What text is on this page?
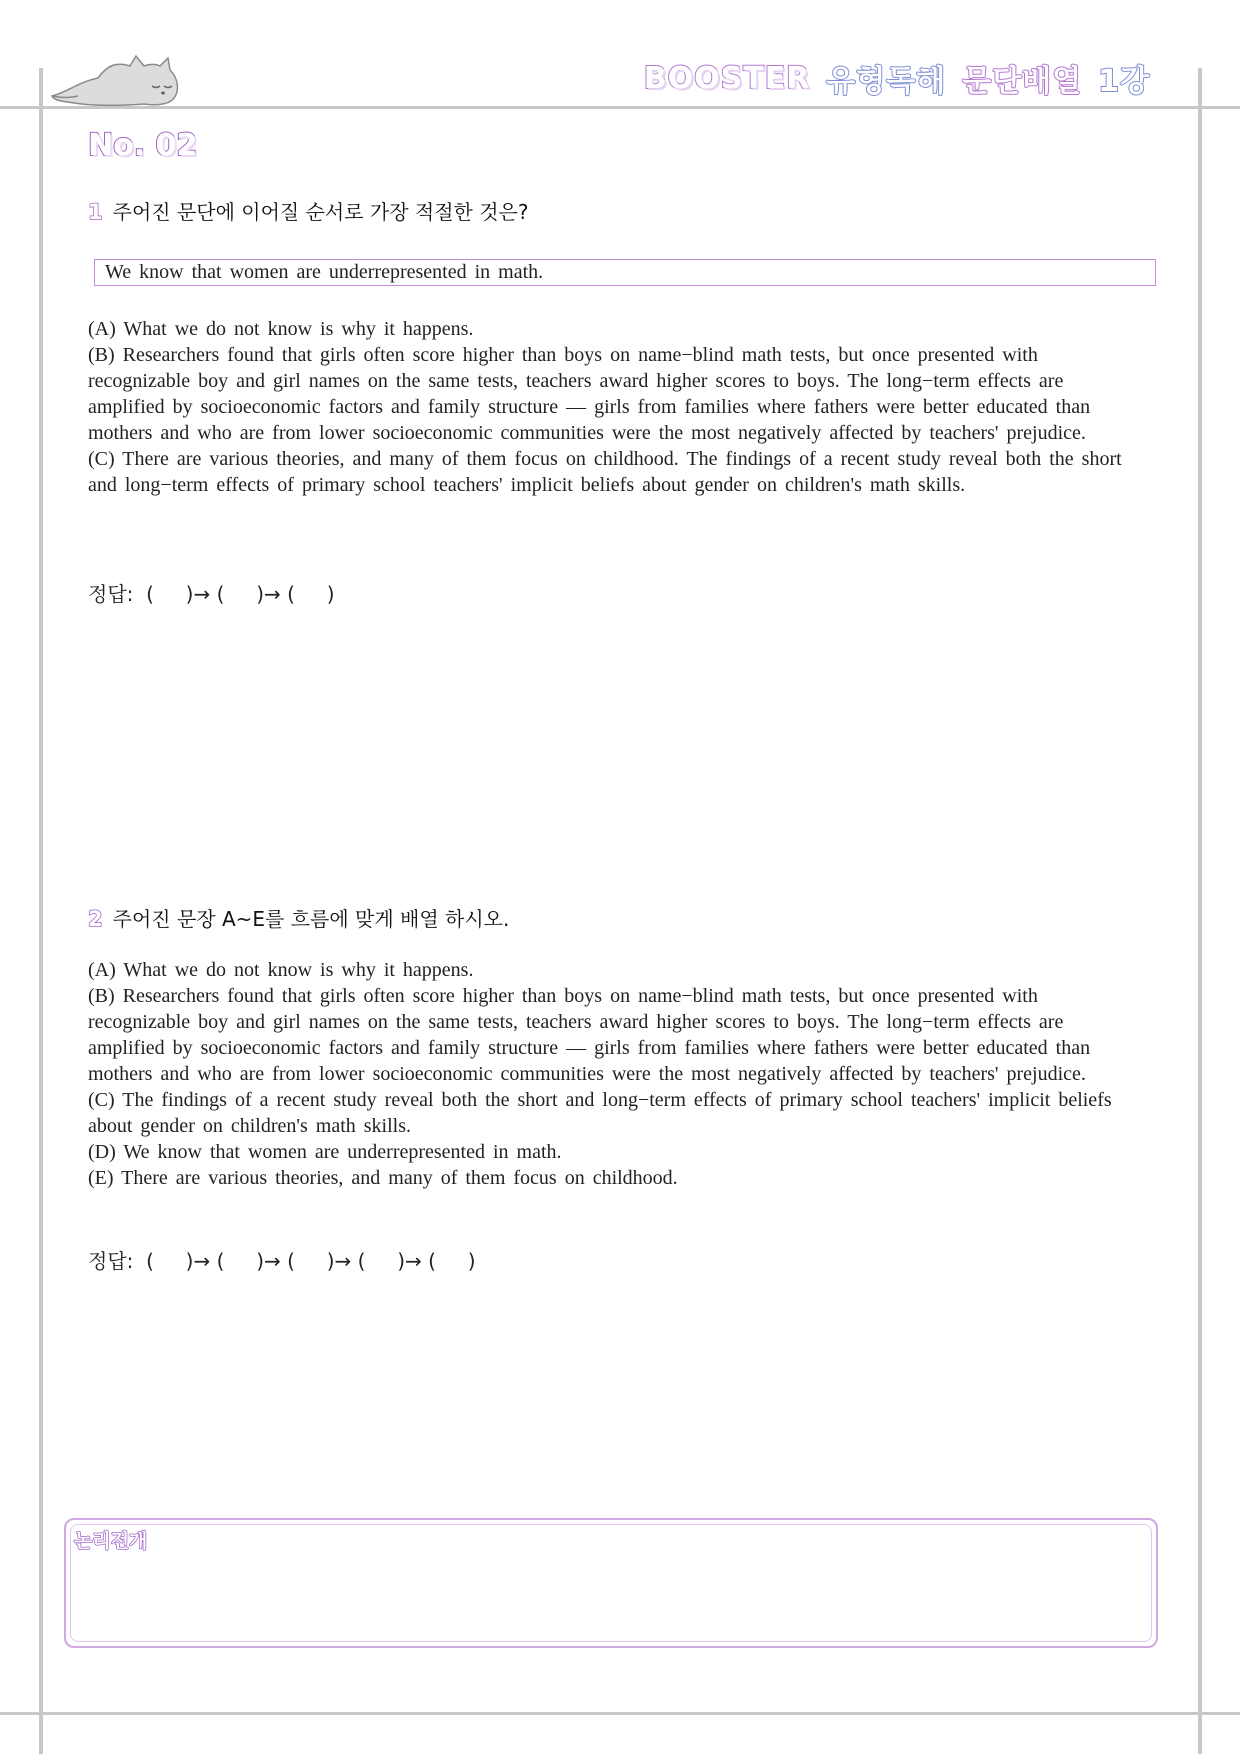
BOOSTER 유형독해 문단배열 1강
No. 02
1 주어진 문단에 이어질 순서로 가장 적절한 것은?
We know that women are underrepresented in math.

(A) What we do not know is why it happens.

(B) Researchers found that girls often score higher than boys on name−blind math tests, but once presented with recognizable boy and girl names on the same tests, teachers award higher scores to boys. The long−term effects are amplified by socioeconomic factors and family structure — girls from families where fathers were better educated than mothers and who are from lower socioeconomic communities were the most negatively affected by teachers' prejudice.

(C) There are various theories, and many of them focus on childhood. The findings of a recent study reveal both the short and long−term effects of primary school teachers' implicit beliefs about gender on children's math skills.

정답:  (     )→ (     )→ (     )
2 주어진 문장 A~E를 흐름에 맞게 배열 하시오.

(A) What we do not know is why it happens.

(B) Researchers found that girls often score higher than boys on name−blind math tests, but once presented with recognizable boy and girl names on the same tests, teachers award higher scores to boys. The long−term effects are amplified by socioeconomic factors and family structure — girls from families where fathers were better educated than mothers and who are from lower socioeconomic communities were the most negatively affected by teachers' prejudice.

(C) The findings of a recent study reveal both the short and long−term effects of primary school teachers' implicit beliefs about gender on children's math skills.

(D) We know that women are underrepresented in math.

(E) There are various theories, and many of them focus on childhood.

정답:  (     )→ (     )→ (     )→ (     )→ (     )
논리전개
